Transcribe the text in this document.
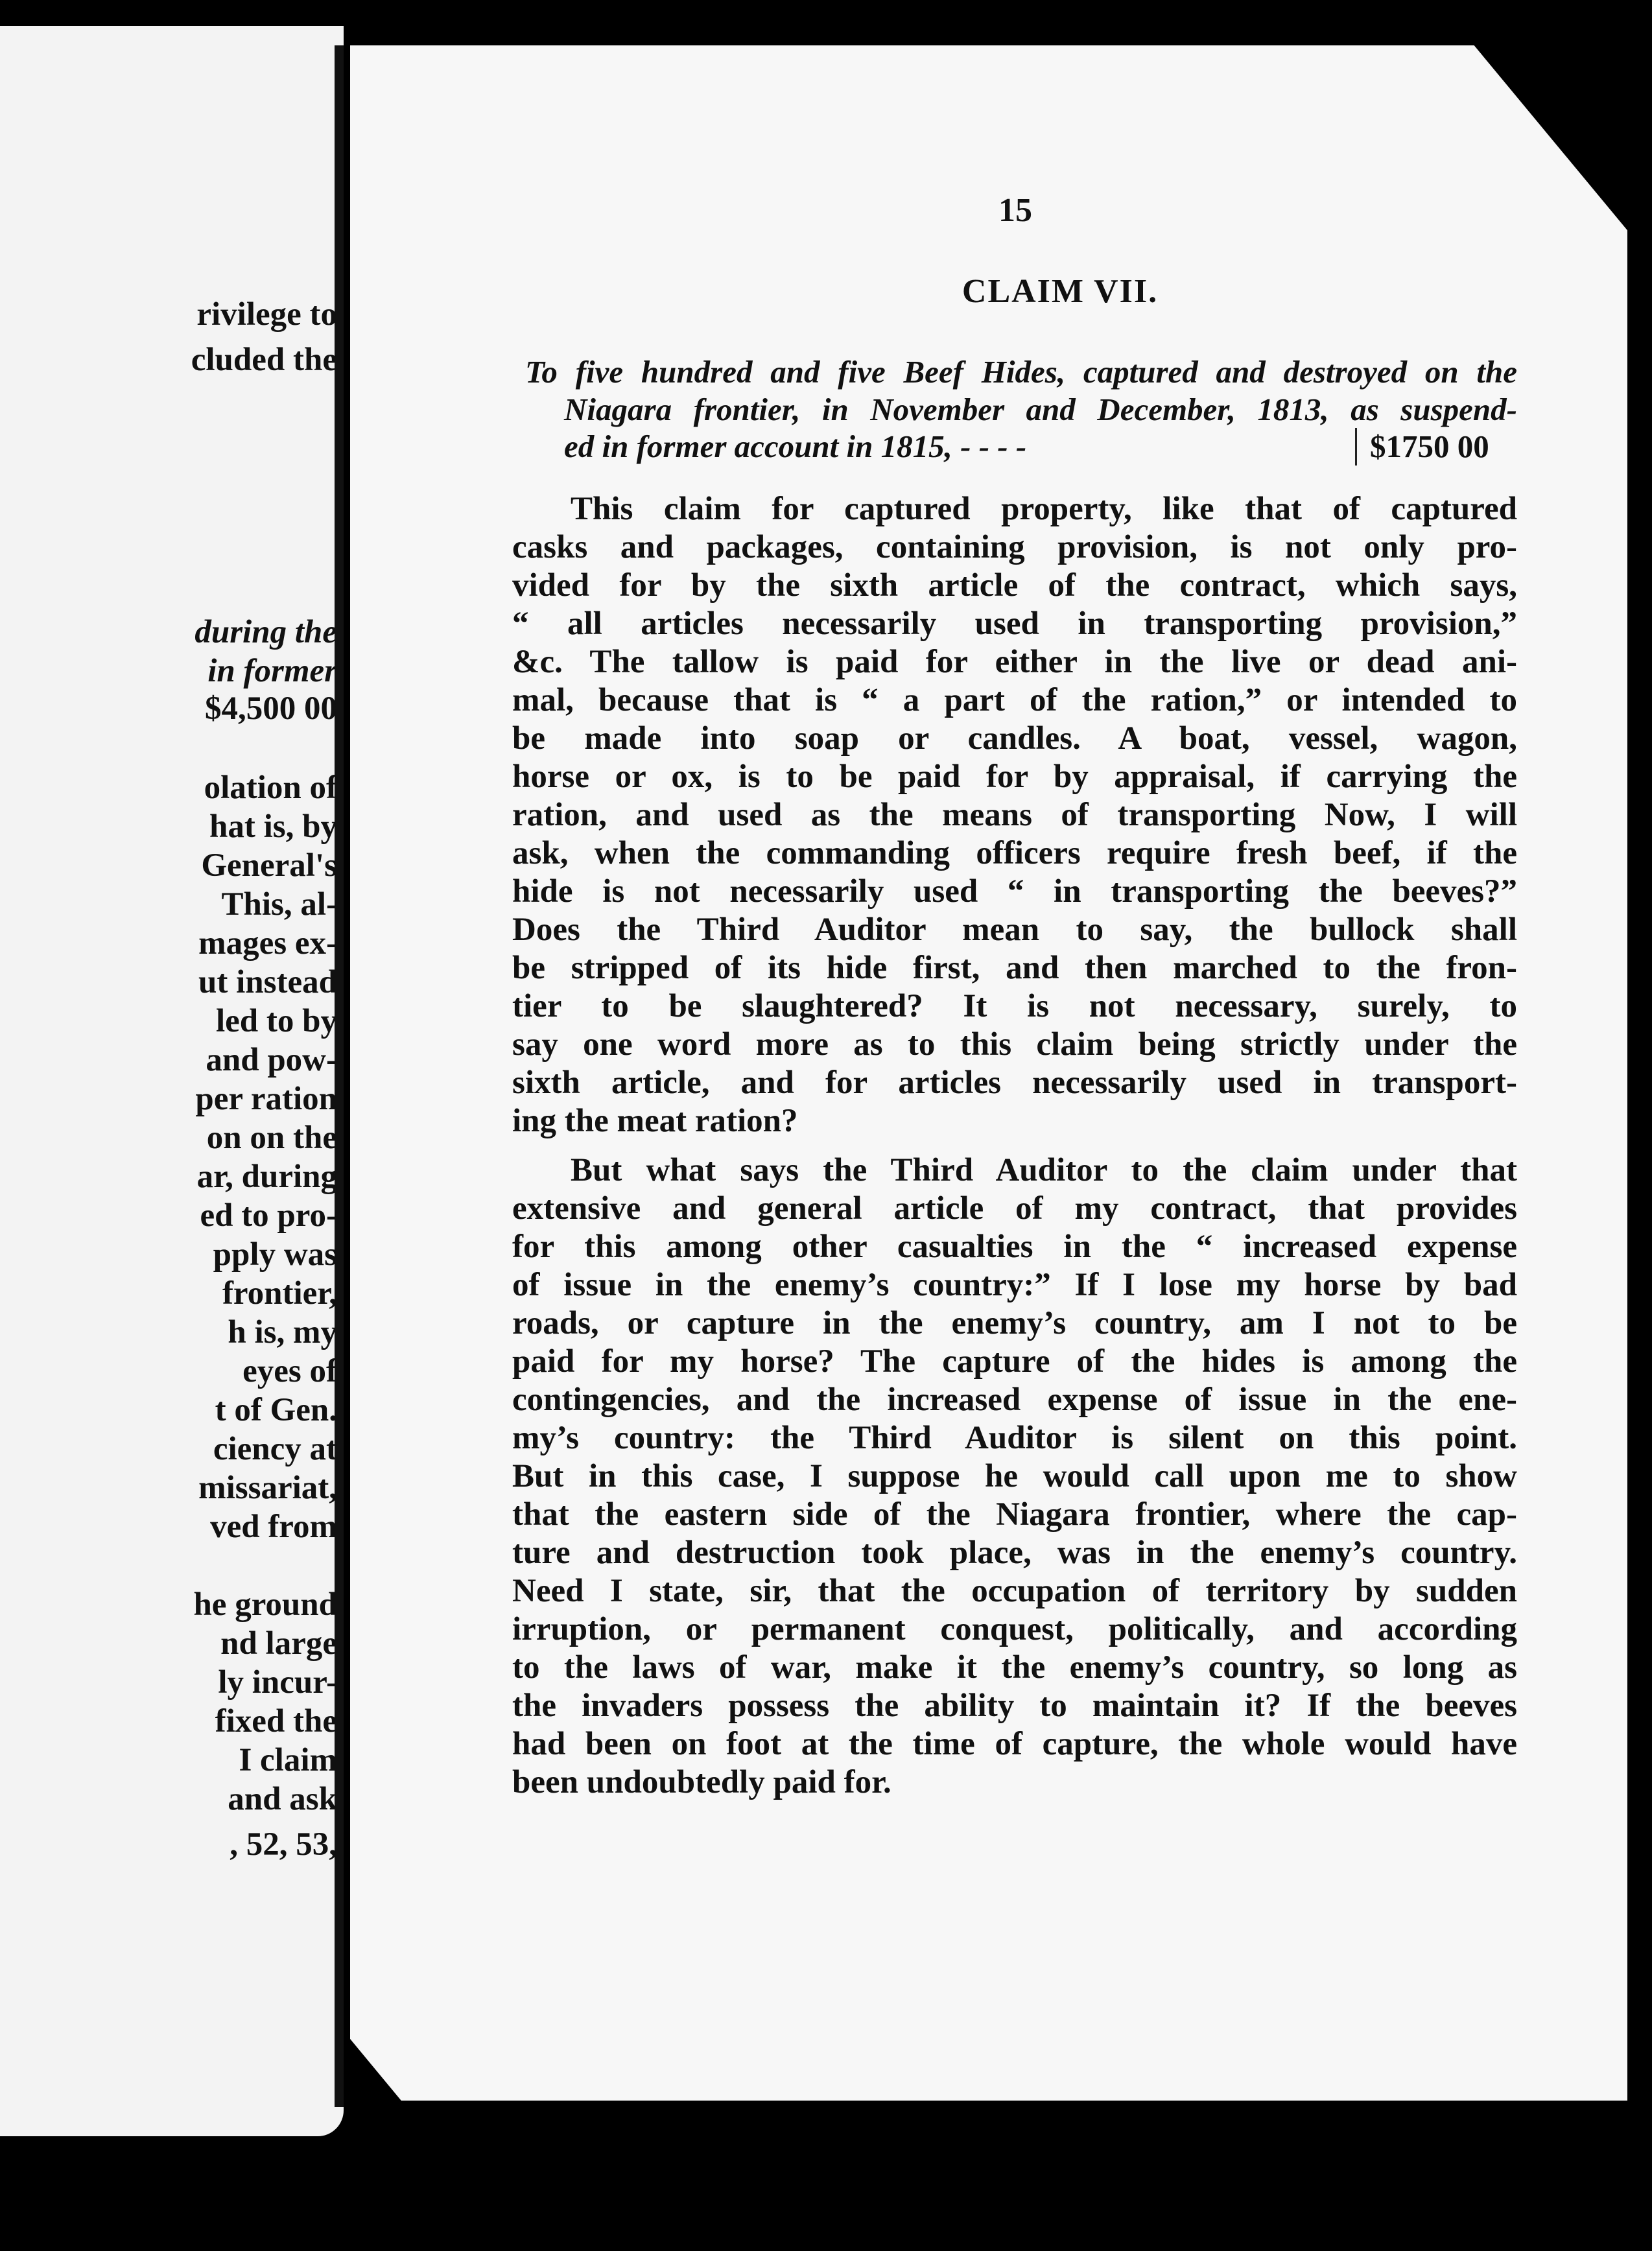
rivilege to
cluded the
during the
in former
$4,500 00
olation of
hat is, by
General's
This, al-
mages ex-
ut instead
led to by
and pow-
per ration
on on the
ar, during
ed to pro-
pply was
frontier,
h is, my
eyes of
t of Gen.
ciency at
missariat,
ved from
he ground
nd large
ly incur-
fixed the
I claim
and ask
, 52, 53,
15
CLAIM VII.
To five hundred and five Beef Hides, captured and destroyed on the
Niagara frontier, in November and December, 1813, as suspend-
ed in former account in 1815, - - - -	$1750 00
This claim for captured property, like that of captured
casks and packages, containing provision, is not only pro-
vided for by the sixth article of the contract, which says,
“ all articles necessarily used in transporting provision,”
&c. The tallow is paid for either in the live or dead ani-
mal, because that is “ a part of the ration,” or intended to
be made into soap or candles. A boat, vessel, wagon,
horse or ox, is to be paid for by appraisal, if carrying the
ration, and used as the means of transporting Now, I will
ask, when the commanding officers require fresh beef, if the
hide is not necessarily used “ in transporting the beeves?”
Does the Third Auditor mean to say, the bullock shall
be stripped of its hide first, and then marched to the fron-
tier to be slaughtered? It is not necessary, surely, to
say one word more as to this claim being strictly under the
sixth article, and for articles necessarily used in transport-
ing the meat ration?
But what says the Third Auditor to the claim under that
extensive and general article of my contract, that provides
for this among other casualties in the “ increased expense
of issue in the enemy’s country:” If I lose my horse by bad
roads, or capture in the enemy’s country, am I not to be
paid for my horse? The capture of the hides is among the
contingencies, and the increased expense of issue in the ene-
my’s country: the Third Auditor is silent on this point.
But in this case, I suppose he would call upon me to show
that the eastern side of the Niagara frontier, where the cap-
ture and destruction took place, was in the enemy’s country.
Need I state, sir, that the occupation of territory by sudden
irruption, or permanent conquest, politically, and according
to the laws of war, make it the enemy’s country, so long as
the invaders possess the ability to maintain it? If the beeves
had been on foot at the time of capture, the whole would have
been undoubtedly paid for.
